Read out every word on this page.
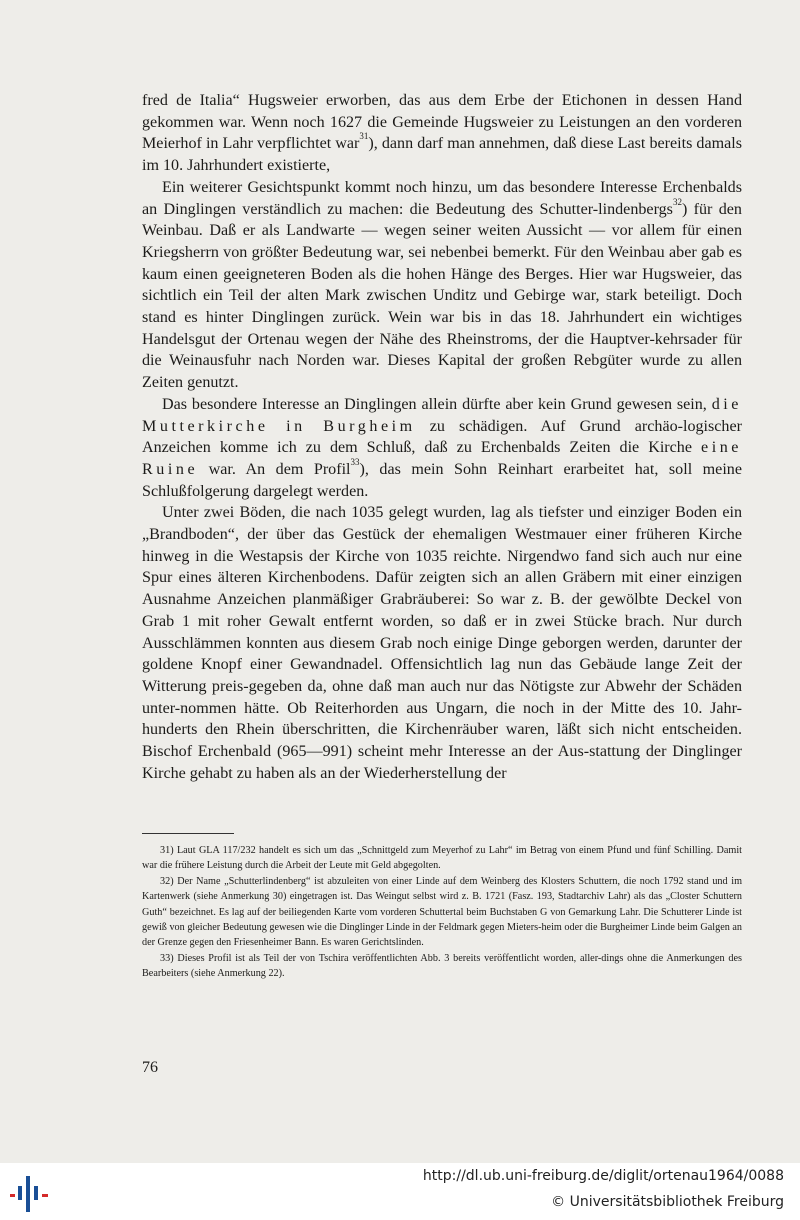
fred de Italia“ Hugsweier erworben, das aus dem Erbe der Etichonen in dessen Hand gekommen war. Wenn noch 1627 die Gemeinde Hugsweier zu Leistungen an den vorderen Meierhof in Lahr verpflichtet war$^{31}$), dann darf man annehmen, daß diese Last bereits damals im 10. Jahrhundert existierte,

Ein weiterer Gesichtspunkt kommt noch hinzu, um das besondere Interesse Erchenbalds an Dinglingen verständlich zu machen: die Bedeutung des Schutter-lindenbergs$^{32}$) für den Weinbau. Daß er als Landwarte — wegen seiner weiten Aussicht — vor allem für einen Kriegsherrn von größter Bedeutung war, sei nebenbei bemerkt. Für den Weinbau aber gab es kaum einen geeigneteren Boden als die hohen Hänge des Berges. Hier war Hugsweier, das sichtlich ein Teil der alten Mark zwischen Unditz und Gebirge war, stark beteiligt. Doch stand es hinter Dinglingen zurück. Wein war bis in das 18. Jahrhundert ein wichtiges Handelsgut der Ortenau wegen der Nähe des Rheinstroms, der die Hauptver-kehrsader für die Weinausfuhr nach Norden war. Dieses Kapital der großen Rebgüter wurde zu allen Zeiten genutzt.

Das besondere Interesse an Dinglingen allein dürfte aber kein Grund gewesen sein, die Mutterkirche in Burgheim zu schädigen. Auf Grund archäo-logischer Anzeichen komme ich zu dem Schluß, daß zu Erchenbalds Zeiten die Kirche eine Ruine war. An dem Profil$^{33}$), das mein Sohn Reinhart erarbeitet hat, soll meine Schlußfolgerung dargelegt werden.

Unter zwei Böden, die nach 1035 gelegt wurden, lag als tiefster und einziger Boden ein „Brandboden“, der über das Gestück der ehemaligen Westmauer einer früheren Kirche hinweg in die Westapsis der Kirche von 1035 reichte. Nirgendwo fand sich auch nur eine Spur eines älteren Kirchenbodens. Dafür zeigten sich an allen Gräbern mit einer einzigen Ausnahme Anzeichen planmäßiger Grabräuberei: So war z. B. der gewölbte Deckel von Grab 1 mit roher Gewalt entfernt worden, so daß er in zwei Stücke brach. Nur durch Ausschlämmen konnten aus diesem Grab noch einige Dinge geborgen werden, darunter der goldene Knopf einer Gewandnadel. Offensichtlich lag nun das Gebäude lange Zeit der Witterung preis-gegeben da, ohne daß man auch nur das Nötigste zur Abwehr der Schäden unter-nommen hätte. Ob Reiterhorden aus Ungarn, die noch in der Mitte des 10. Jahr-hunderts den Rhein überschritten, die Kirchenräuber waren, läßt sich nicht entscheiden. Bischof Erchenbald (965—991) scheint mehr Interesse an der Aus-stattung der Dinglinger Kirche gehabt zu haben als an der Wiederherstellung der

31) Laut GLA 117/232 handelt es sich um das „Schnittgeld zum Meyerhof zu Lahr“ im Betrag von einem Pfund und fünf Schilling. Damit war die frühere Leistung durch die Arbeit der Leute mit Geld abgegolten.

32) Der Name „Schutterlindenberg“ ist abzuleiten von einer Linde auf dem Weinberg des Klosters Schuttern, die noch 1792 stand und im Kartenwerk (siehe Anmerkung 30) eingetragen ist. Das Weingut selbst wird z. B. 1721 (Fasz. 193, Stadtarchiv Lahr) als das „Closter Schuttern Guth“ bezeichnet. Es lag auf der beiliegenden Karte vom vorderen Schuttertal beim Buchstaben G von Gemarkung Lahr. Die Schutterer Linde ist gewiß von gleicher Bedeutung gewesen wie die Dinglinger Linde in der Feldmark gegen Mieters-heim oder die Burgheimer Linde beim Galgen an der Grenze gegen den Friesenheimer Bann. Es waren Gerichtslinden.

33) Dieses Profil ist als Teil der von Tschira veröffentlichten Abb. 3 bereits veröffentlicht worden, aller-dings ohne die Anmerkungen des Bearbeiters (siehe Anmerkung 22).

76
http://dl.ub.uni-freiburg.de/diglit/ortenau1964/0088
© Universitätsbibliothek Freiburg
